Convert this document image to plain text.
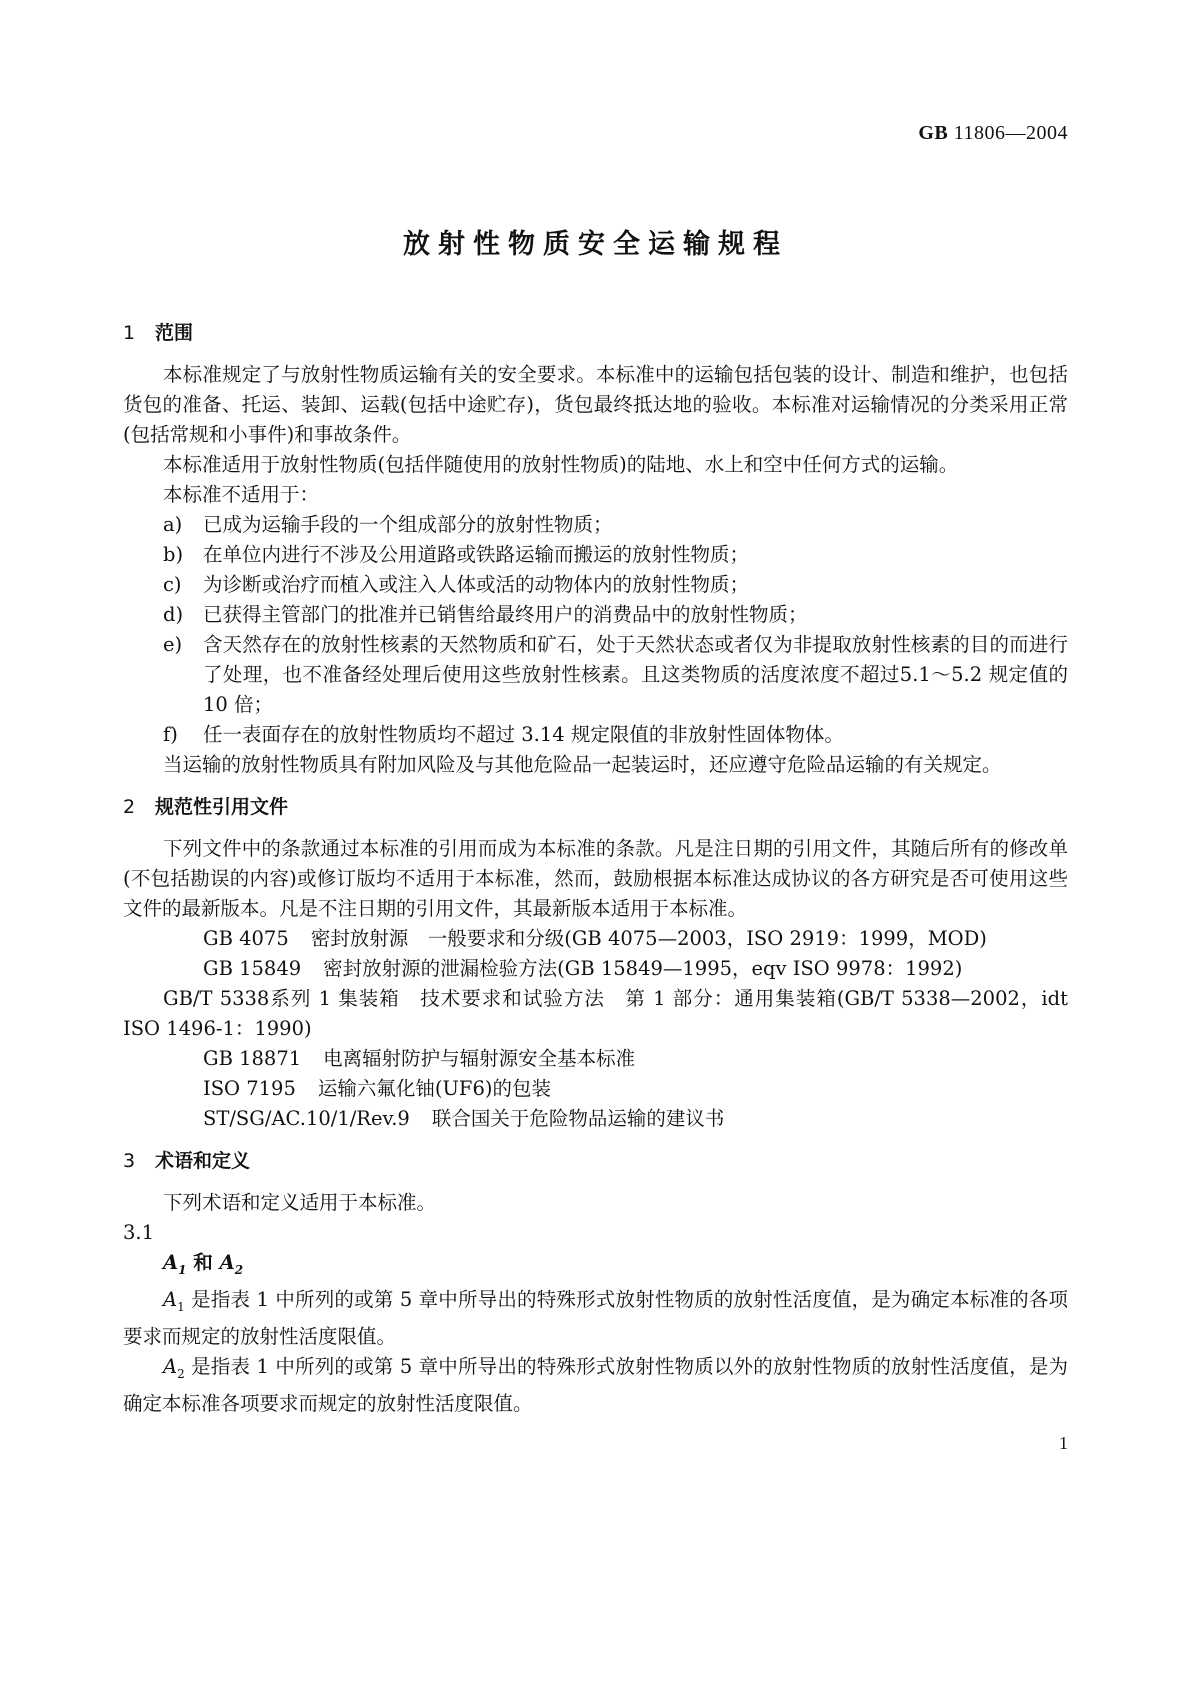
GB 11806—2004
放射性物质安全运输规程
1 范围

本标准规定了与放射性物质运输有关的安全要求。本标准中的运输包括包装的设计、制造和维护，也包括货包的准备、托运、装卸、运载(包括中途贮存)，货包最终抵达地的验收。本标准对运输情况的分类采用正常(包括常规和小事件)和事故条件。

本标准适用于放射性物质(包括伴随使用的放射性物质)的陆地、水上和空中任何方式的运输。

本标准不适用于：

a) 已成为运输手段的一个组成部分的放射性物质；

b) 在单位内进行不涉及公用道路或铁路运输而搬运的放射性物质；

c) 为诊断或治疗而植入或注入人体或活的动物体内的放射性物质；

d) 已获得主管部门的批准并已销售给最终用户的消费品中的放射性物质；

e) 含天然存在的放射性核素的天然物质和矿石，处于天然状态或者仅为非提取放射性核素的目的而进行了处理，也不准备经处理后使用这些放射性核素。且这类物质的活度浓度不超过5.1～5.2 规定值的 10 倍；

f) 任一表面存在的放射性物质均不超过 3.14 规定限值的非放射性固体物体。

当运输的放射性物质具有附加风险及与其他危险品一起装运时，还应遵守危险品运输的有关规定。

2 规范性引用文件

下列文件中的条款通过本标准的引用而成为本标准的条款。凡是注日期的引用文件，其随后所有的修改单(不包括勘误的内容)或修订版均不适用于本标准，然而，鼓励根据本标准达成协议的各方研究是否可使用这些文件的最新版本。凡是不注日期的引用文件，其最新版本适用于本标准。

GB 4075 密封放射源　一般要求和分级(GB 4075—2003，ISO 2919：1999，MOD)

GB 15849 密封放射源的泄漏检验方法(GB 15849—1995，eqv ISO 9978：1992)

GB/T 5338系列 1 集装箱　技术要求和试验方法　第 1 部分：通用集装箱(GB/T 5338—2002，idt ISO 1496-1：1990)

GB 18871 电离辐射防护与辐射源安全基本标准

ISO 7195 运输六氟化铀(UF6)的包装

ST/SG/AC.10/1/Rev.9 联合国关于危险物品运输的建议书

3 术语和定义

下列术语和定义适用于本标准。

3.1

$A_1$ 和 $A_2$

$A_1$ 是指表 1 中所列的或第 5 章中所导出的特殊形式放射性物质的放射性活度值，是为确定本标准的各项要求而规定的放射性活度限值。

$A_2$ 是指表 1 中所列的或第 5 章中所导出的特殊形式放射性物质以外的放射性物质的放射性活度值，是为确定本标准各项要求而规定的放射性活度限值。

1
